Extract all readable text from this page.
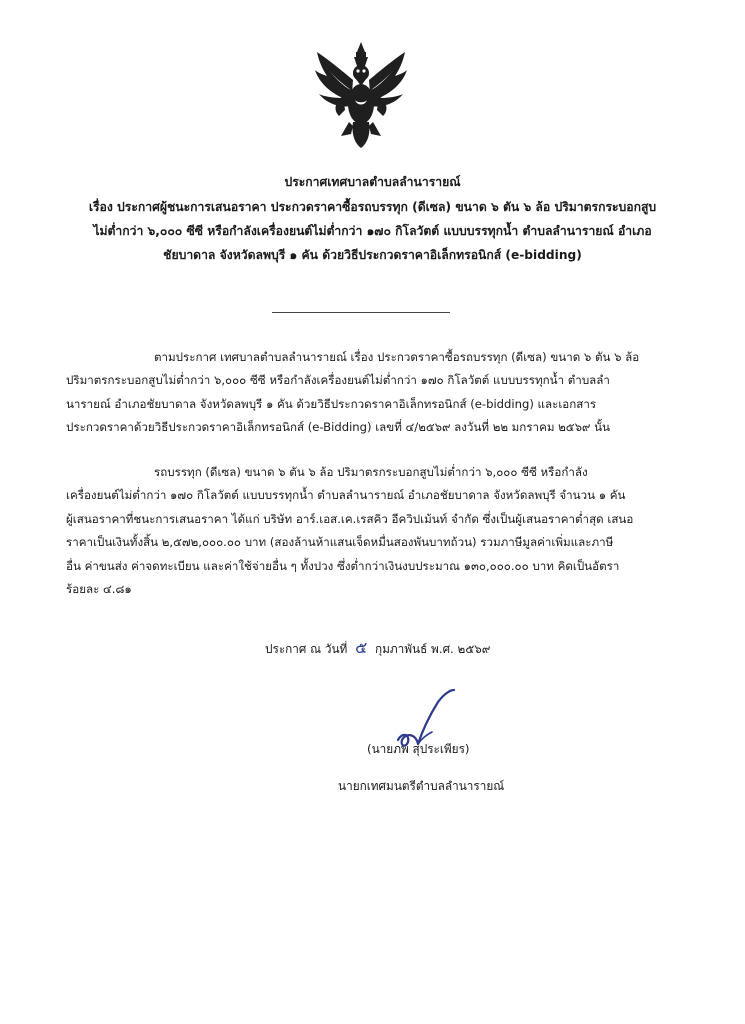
ประกาศเทศบาลตำบลลำนารายณ์

เรื่อง ประกาศผู้ชนะการเสนอราคา ประกวดราคาซื้อรถบรรทุก (ดีเซล) ขนาด ๖ ตัน ๖ ล้อ ปริมาตรกระบอกสูบ
ไม่ต่ำกว่า ๖,๐๐๐ ซีซี หรือกำลังเครื่องยนต์ไม่ต่ำกว่า ๑๗๐ กิโลวัตต์ แบบบรรทุกน้ำ ตำบลลำนารายณ์ อำเภอ
ชัยบาดาล จังหวัดลพบุรี ๑ คัน ด้วยวิธีประกวดราคาอิเล็กทรอนิกส์ (e-bidding)

ตามประกาศ เทศบาลตำบลลำนารายณ์ เรื่อง ประกวดราคาซื้อรถบรรทุก (ดีเซล) ขนาด ๖ ตัน ๖ ล้อ
ปริมาตรกระบอกสูบไม่ต่ำกว่า ๖,๐๐๐ ซีซี หรือกำลังเครื่องยนต์ไม่ต่ำกว่า ๑๗๐ กิโลวัตต์ แบบบรรทุกน้ำ ตำบลลำ
นารายณ์ อำเภอชัยบาดาล จังหวัดลพบุรี ๑ คัน ด้วยวิธีประกวดราคาอิเล็กทรอนิกส์ (e-bidding) และเอกสาร
ประกวดราคาด้วยวิธีประกวดราคาอิเล็กทรอนิกส์ (e-Bidding) เลขที่ ๔/๒๕๖๙ ลงวันที่ ๒๒ มกราคม ๒๕๖๙ นั้น
รถบรรทุก (ดีเซล) ขนาด ๖ ตัน ๖ ล้อ ปริมาตรกระบอกสูบไม่ต่ำกว่า ๖,๐๐๐ ซีซี หรือกำลัง
เครื่องยนต์ไม่ต่ำกว่า ๑๗๐ กิโลวัตต์ แบบบรรทุกน้ำ ตำบลลำนารายณ์ อำเภอชัยบาดาล จังหวัดลพบุรี จำนวน ๑ คัน
ผู้เสนอราคาที่ชนะการเสนอราคา ได้แก่ บริษัท อาร์.เอส.เค.เรสคิว อีควิปเม้นท์ จำกัด ซึ่งเป็นผู้เสนอราคาต่ำสุด เสนอ
ราคาเป็นเงินทั้งสิ้น ๒,๕๗๒,๐๐๐.๐๐ บาท (สองล้านห้าแสนเจ็ดหมื่นสองพันบาทถ้วน) รวมภาษีมูลค่าเพิ่มและภาษี
อื่น ค่าขนส่ง ค่าจดทะเบียน และค่าใช้จ่ายอื่น ๆ ทั้งปวง ซึ่งต่ำกว่าเงินงบประมาณ ๑๓๐,๐๐๐.๐๐ บาท คิดเป็นอัตรา
ร้อยละ ๔.๘๑
ประกาศ ณ วันที่ ๕ กุมภาพันธ์ พ.ศ. ๒๕๖๙
(นายภพ สุประเพียร)
นายกเทศมนตรีตำบลลำนารายณ์
